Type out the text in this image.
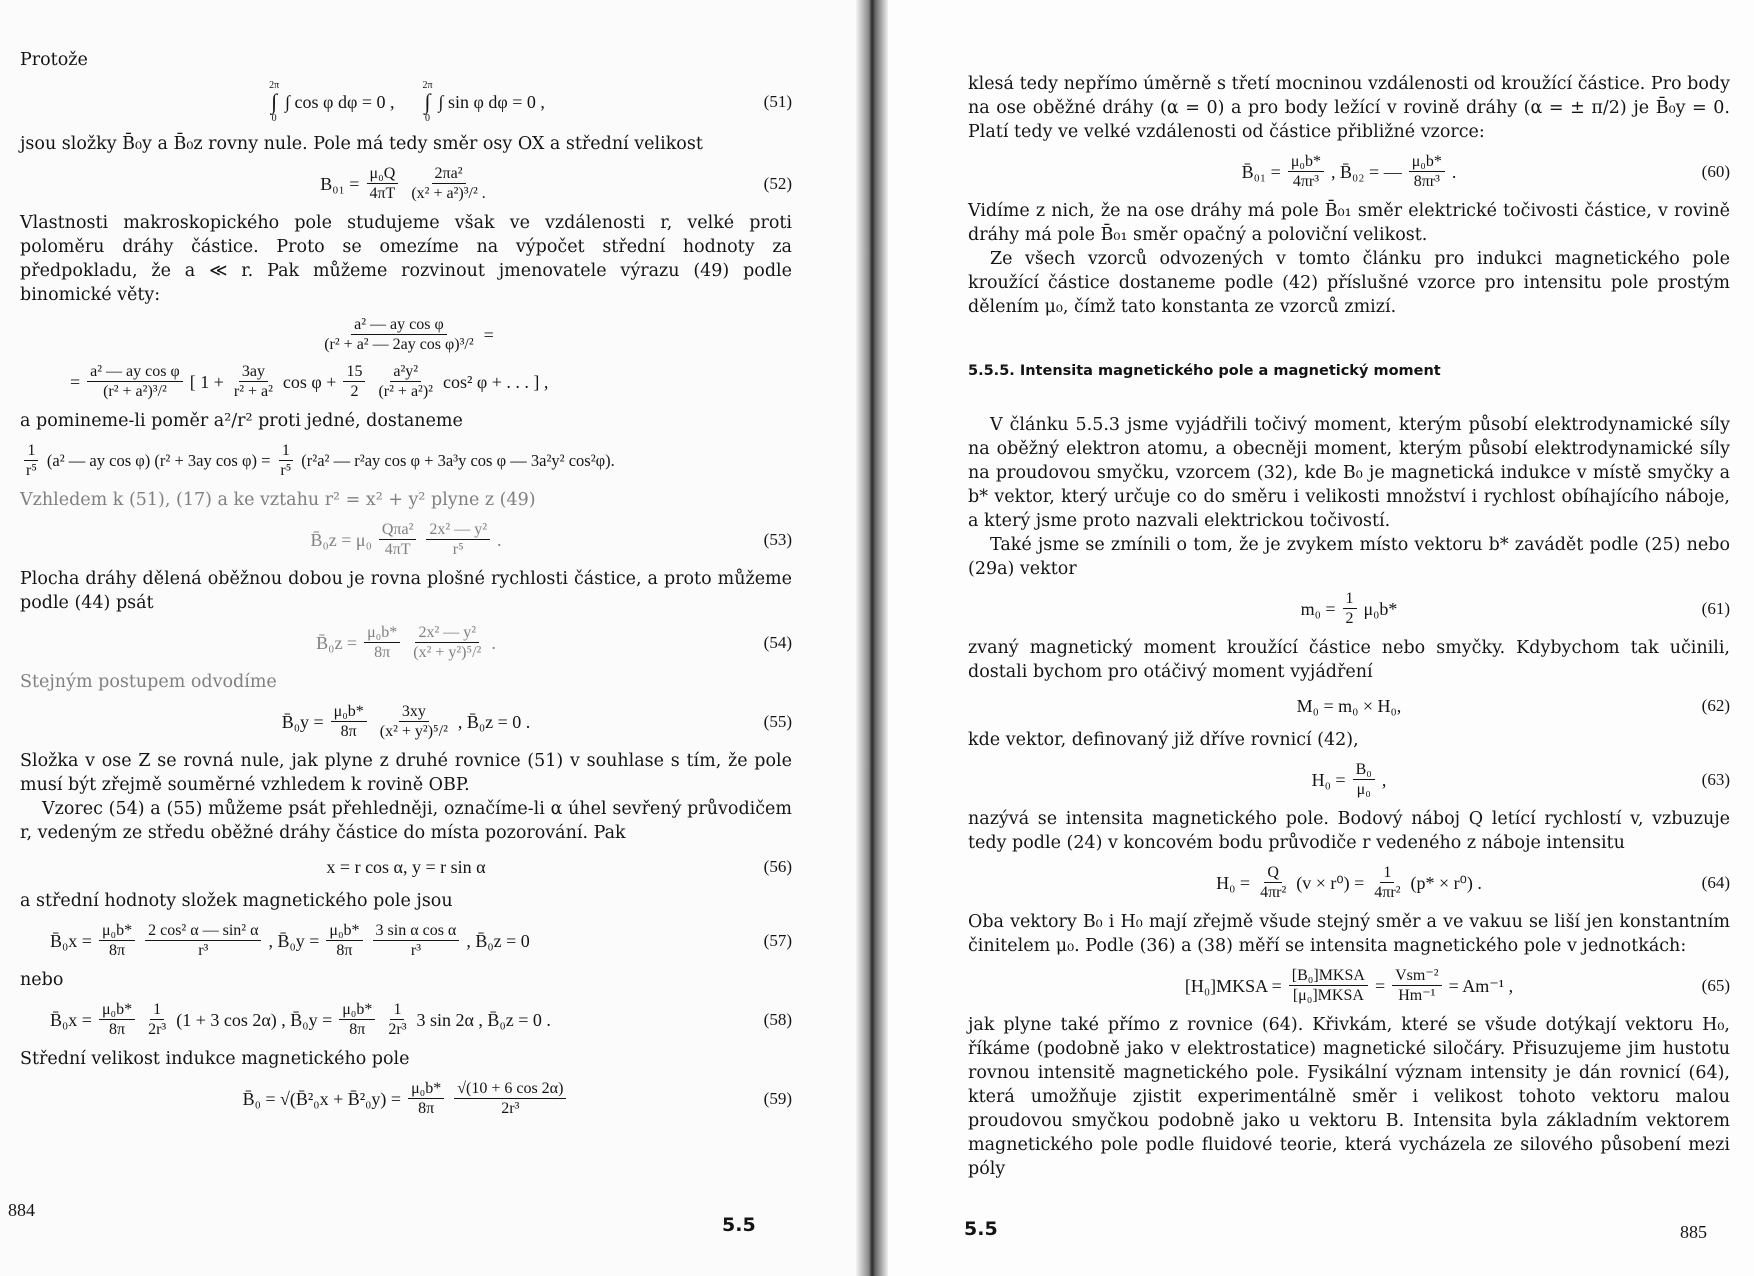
Protože

2π
∫
0
∫ cos φ dφ = 0 ,
2π
∫
0
∫ sin φ dφ = 0 ,	(51)

jsou složky B̄₀y a B̄₀z rovny nule. Pole má tedy směr osy OX a střední velikost

$B_{01} = \frac{\text{μ₀Q}}{4\pi T} \frac{\text{2πa²}}{\text{(x² + a²)³/² .}}$	(52)

Vlastnosti makroskopického pole studujeme však ve vzdálenosti r, velké proti poloměru dráhy částice. Proto se omezíme na výpočet střední hodnoty za předpokladu, že a ≪ r. Pak můžeme rozvinout jmenovatele výrazu (49) podle binomické věty:

$\frac{\text{a² — ay cos φ}}{\text{(r² + a² — 2ay cos φ)³/²}}$ =
= $\frac{\text{a² — ay cos φ}}{\text{(r² + a²)³/²}}$ [ $1 + \frac{3ay}{\text{r² + a²}}$ $\cos \varphi + \frac{15}{2} \frac{\text{a²y²}}{\text{(r² + a²)²}} \cos^2$ φ + . . . ] ,

a pomineme-li poměr a²/r² proti jedné, dostaneme

$\frac{1}{\text{r⁵}} (a^2$ — ay cos φ) (r² + 3ay $\cos \varphi) = \frac{1}{\text{r⁵}} (r^2a^2$ — r²ay cos φ + 3a³y cos φ — 3a²y² cos²φ).

Vzhledem k (51), (17) a ke vztahu r² = x² + y² plyne z (49)

B̄₀z = $\mu_0 \frac{\text{Qπa²}}{4\pi T} \frac{\text{2x² — y²}}{\text{r⁵}}$ .	(53)

Plocha dráhy dělená oběžnou dobou je rovna plošné rychlosti částice, a proto můžeme podle (44) psát

B̄₀z = $\frac{\text{μ₀b*}}{8\pi} \frac{\text{2x² — y²}}{\text{(x² + y²)⁵/²}}$ .	(54)

Stejným postupem odvodíme

B̄₀y = $\frac{\text{μ₀b*}}{8\pi} \frac{3xy}{\text{(x² + y²)⁵/²}}$ , B̄₀z = 0 .	(55)

Složka v ose Z se rovná nule, jak plyne z druhé rovnice (51) v souhlase s tím, že pole musí být zřejmě souměrné vzhledem k rovině OBP.

Vzorec (54) a (55) můžeme psát přehledněji, označíme-li α úhel sevřený průvodičem r, vedeným ze středu oběžné dráhy částice do místa pozorování. Pak

x = r cos α, y = r sin α	(56)

a střední hodnoty složek magnetického pole jsou

B̄₀x = $\frac{\text{μ₀b*}}{8\pi} \frac{\text{2 cos² α — sin² α}}{\text{r³}}$ , B̄₀y = $\frac{\text{μ₀b*}}{8\pi} \frac{\text{3 sin α cos α}}{\text{r³}}$ , B̄₀z = 0	(57)

nebo

B̄₀x = $\frac{\text{μ₀b*}}{8\pi} \frac{1}{\text{2r³}} (1 + 3$ cos 2α) , B̄₀y = $\frac{\text{μ₀b*}}{8\pi} \frac{1}{\text{2r³}} 3$ sin 2α , B̄₀z = 0 .	(58)

Střední velikost indukce magnetického pole

B̄₀ = √(B̄²₀x + B̄²₀y) = $\frac{\text{μ₀b*}}{8\pi} \frac{√(10 + 6 \cos 2\alpha)}{\text{2r³}}$	(59)
884
5.5

klesá tedy nepřímo úměrně s třetí mocninou vzdálenosti od kroužící částice. Pro body na ose oběžné dráhy (α = 0) a pro body ležící v rovině dráhy (α = ± π/2) je B̄₀y = 0. Platí tedy ve velké vzdálenosti od částice přibližné vzorce:

B̄₀₁ = $\frac{\text{μ₀b*}}{\text{4πr³}}$ , B̄₀₂ = — $\frac{\text{μ₀b*}}{\text{8πr³}}$ .	(60)

Vidíme z nich, že na ose dráhy má pole B̄₀₁ směr elektrické točivosti částice, v rovině dráhy má pole B̄₀₁ směr opačný a poloviční velikost.

Ze všech vzorců odvozených v tomto článku pro indukci magnetického pole kroužící částice dostaneme podle (42) příslušné vzorce pro intensitu pole prostým dělením μ₀, čímž tato konstanta ze vzorců zmizí.

5.5.5. Intensita magnetického pole a magnetický moment

V článku 5.5.3 jsme vyjádřili točivý moment, kterým působí elektrodynamické síly na oběžný elektron atomu, a obecněji moment, kterým působí elektrodynamické síly na proudovou smyčku, vzorcem (32), kde B₀ je magnetická indukce v místě smyčky a b* vektor, který určuje co do směru i velikosti množství i rychlost obíhajícího náboje, a který jsme proto nazvali elektrickou točivostí.

Také jsme se zmínili o tom, že je zvykem místo vektoru b* zavádět podle (25) nebo (29a) vektor

$m_0 = \frac{1}{2} \mu_0b*$	(61)

zvaný magnetický moment kroužící částice nebo smyčky. Kdybychom tak učinili, dostali bychom pro otáčivý moment vyjádření

M₀ = m₀ × H₀,	(62)

kde vektor, definovaný již dříve rovnicí (42),

$H_0 = \frac{\text{B₀}}{\text{μ₀}}$ ,	(63)

nazývá se intensita magnetického pole. Bodový náboj Q letící rychlostí v, vzbuzuje tedy podle (24) v koncovém bodu průvodiče r vedeného z náboje intensitu

$H_0 = \frac{Q}{\text{4πr²}} (v \times r^0) = \frac{1}{\text{4πr²}} (p* \times r^0)$ .	(64)

Oba vektory B₀ i H₀ mají zřejmě všude stejný směr a ve vakuu se liší jen konstantním činitelem μ₀. Podle (36) a (38) měří se intensita magnetického pole v jednotkách:

[H₀]MKSA = $\frac{\text{[B₀]MKSA}}{\text{[μ₀]MKSA}} = \frac{\text{Vsm⁻²}}{\text{Hm⁻¹}} = Am^{-1}$ ,	(65)

jak plyne také přímo z rovnice (64). Křivkám, které se všude dotýkají vektoru H₀, říkáme (podobně jako v elektrostatice) magnetické siločáry. Přisuzujeme jim hustotu rovnou intensitě magnetického pole. Fysikální význam intensity je dán rovnicí (64), která umožňuje zjistit experimentálně směr i velikost tohoto vektoru malou proudovou smyčkou podobně jako u vektoru B. Intensita byla základním vektorem magnetického pole podle fluidové teorie, která vycházela ze silového působení mezi póly

5.5	885
